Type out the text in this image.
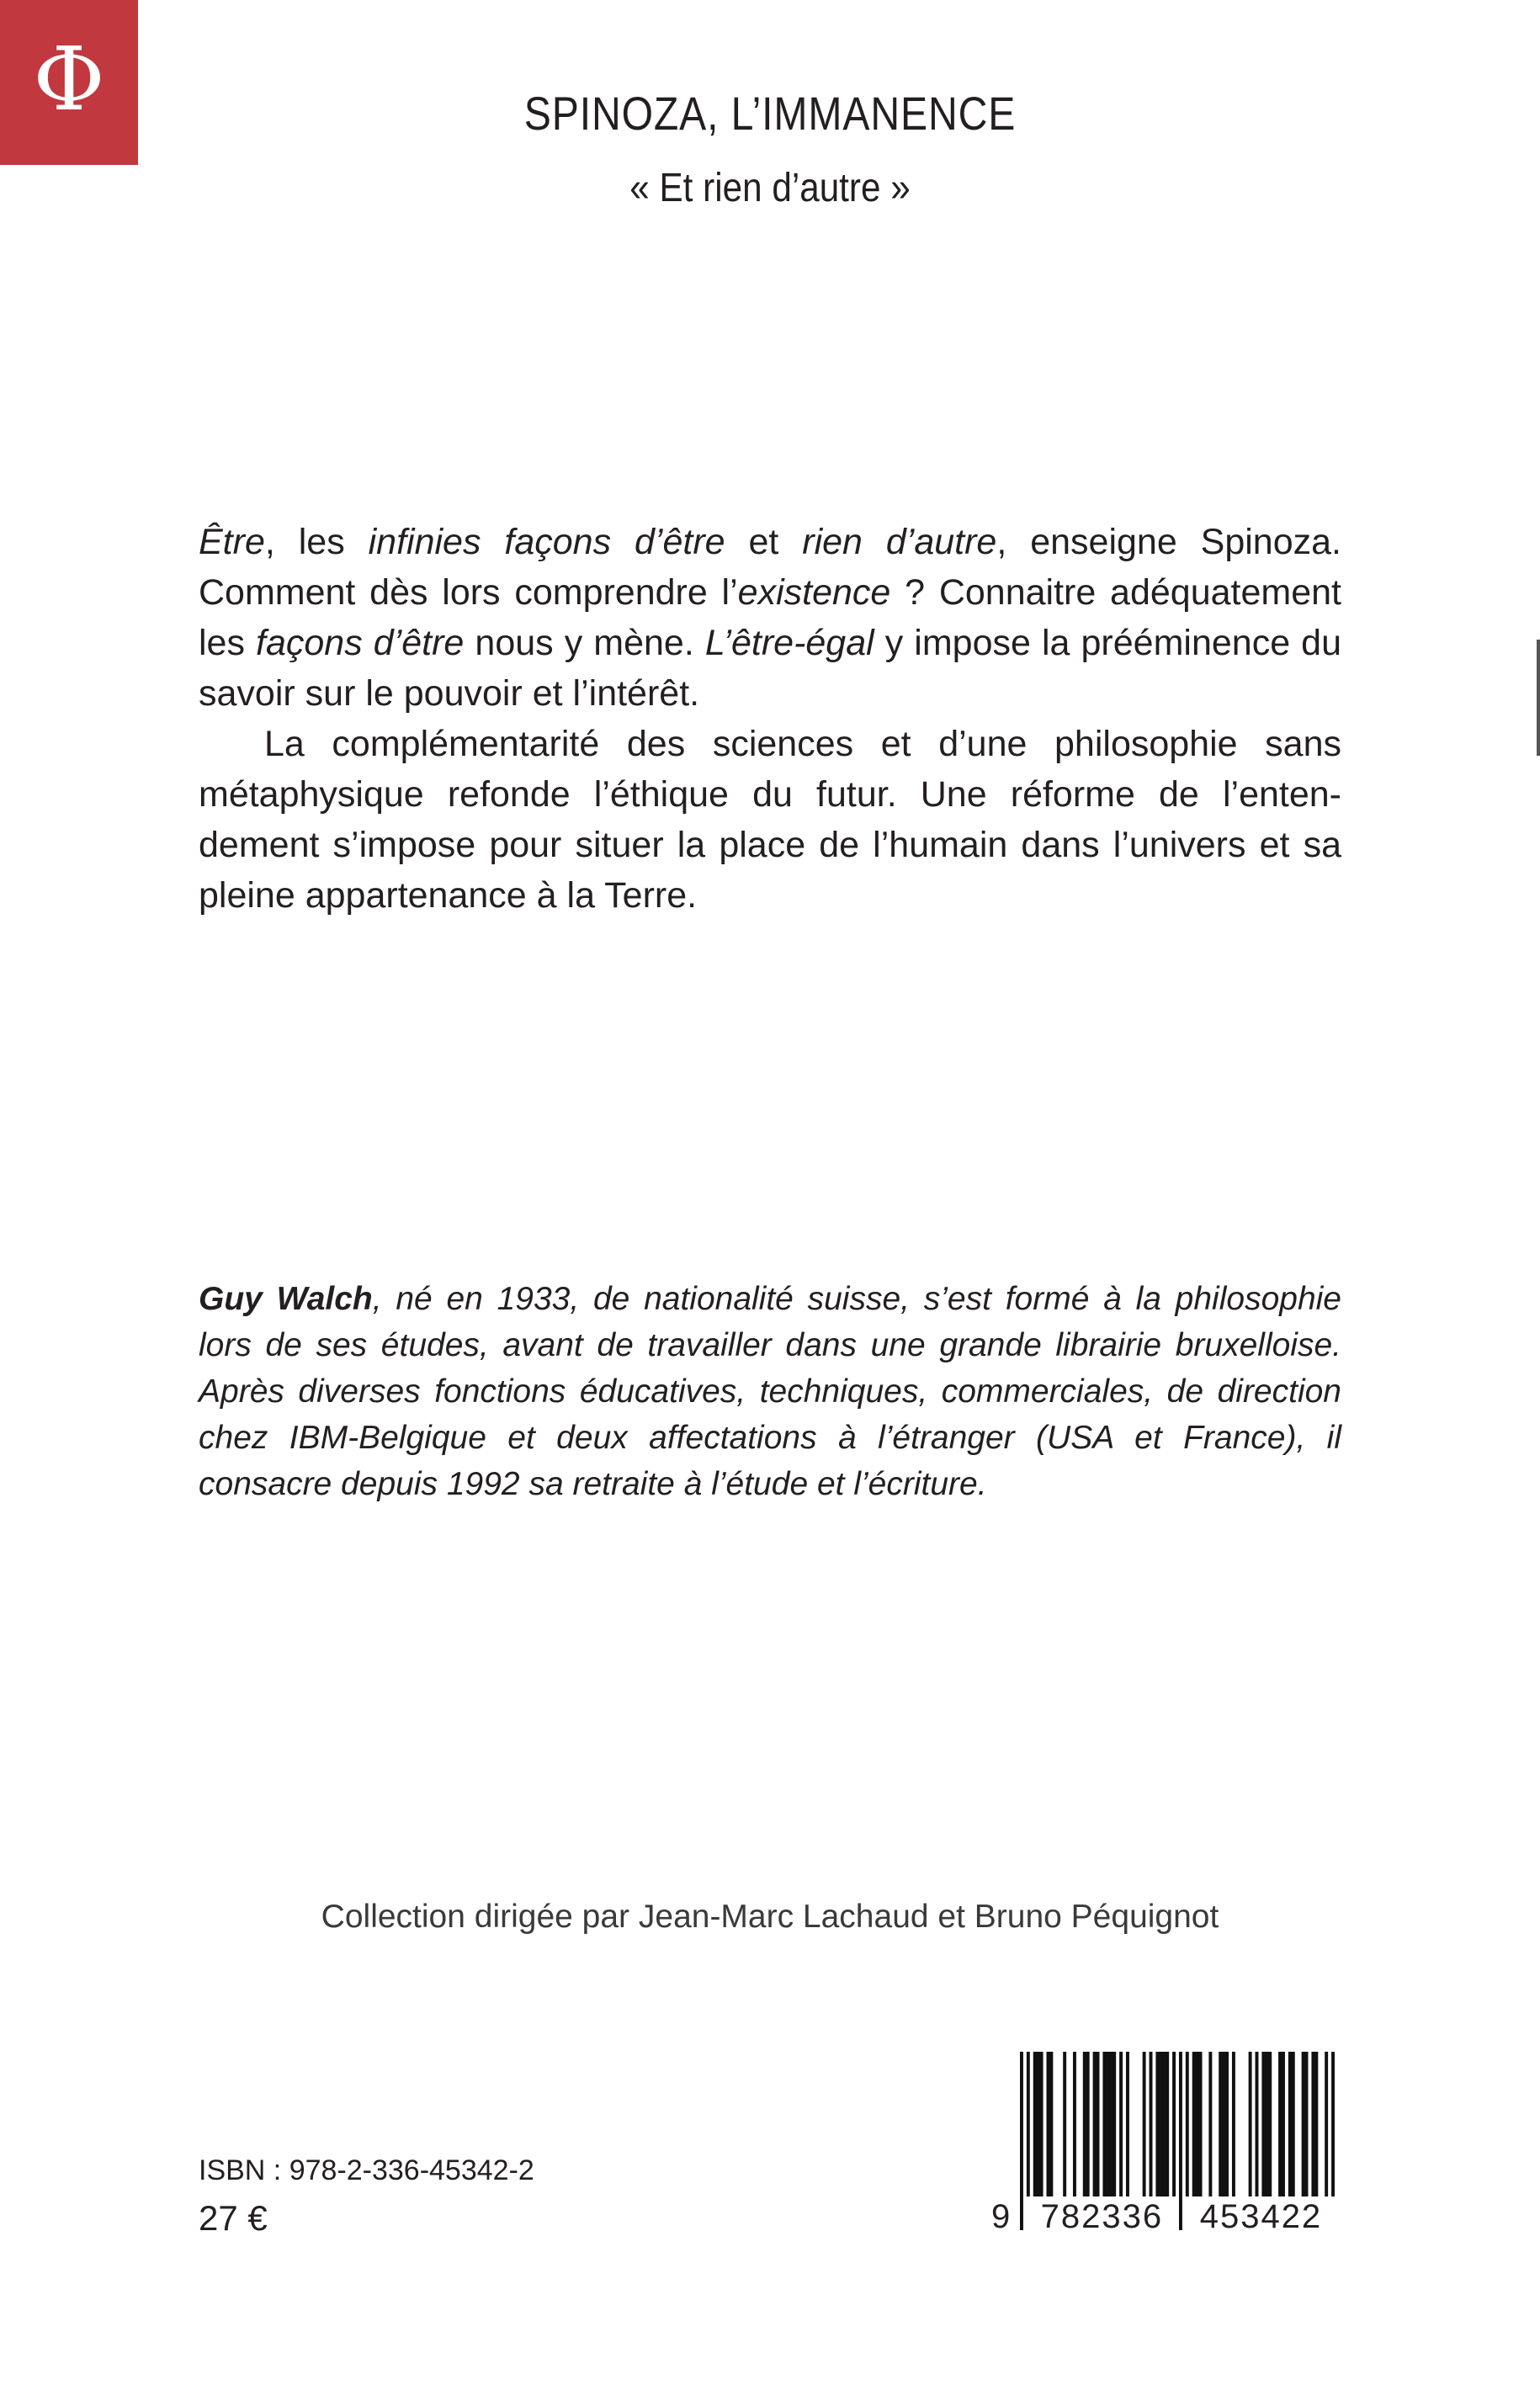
Φ	SPINOZA, L’IMMANENCE
« Et rien d’autre »

Être, les infinies façons d’être et rien d’autre, enseigne Spinoza. Comment dès lors comprendre l’existence ? Connaitre adéquatement les façons d’être nous y mène. L’être-égal y impose la prééminence du savoir sur le pouvoir et l’intérêt.

La complémentarité des sciences et d’une philosophie sans métaphysique refonde l’éthique du futur. Une réforme de l’enten-dement s’impose pour situer la place de l’humain dans l’univers et sa pleine appartenance à la Terre.

Guy Walch, né en 1933, de nationalité suisse, s’est formé à la philosophie lors de ses études, avant de travailler dans une grande librairie bruxelloise. Après diverses fonctions éducatives, techniques, commerciales, de direction chez IBM-Belgique et deux affectations à l’étranger (USA et France), il consacre depuis 1992 sa retraite à l’étude et l’écriture.
Collection dirigée par Jean-Marc Lachaud et Bruno Péquignot
ISBN : 978-2-336-45342-2
27 €	9 782336	453422
